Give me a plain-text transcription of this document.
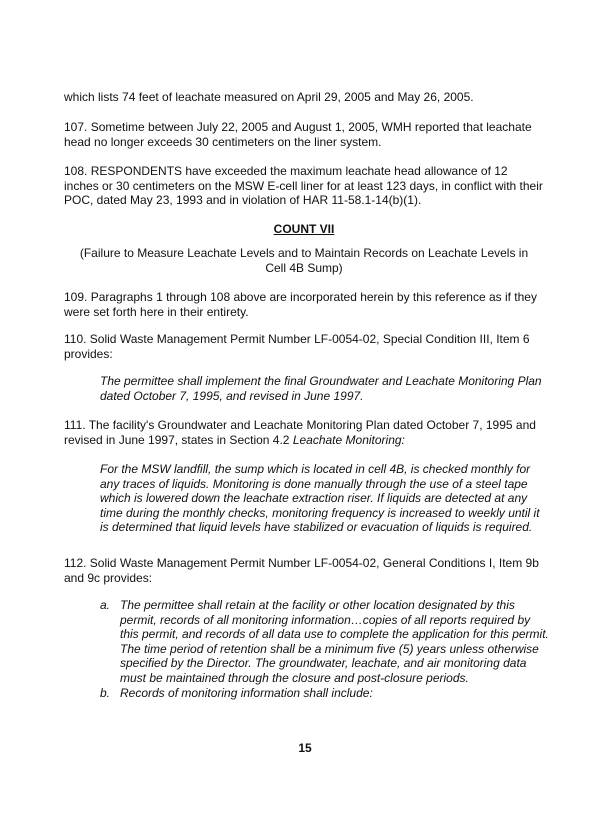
which lists 74 feet of leachate measured on April 29, 2005 and May 26, 2005.

107. Sometime between July 22, 2005 and August 1, 2005, WMH reported that leachate head no longer exceeds 30 centimeters on the liner system.

108. RESPONDENTS have exceeded the maximum leachate head allowance of 12 inches or 30 centimeters on the MSW E-cell liner for at least 123 days, in conflict with their POC, dated May 23, 1993 and in violation of HAR 11-58.1-14(b)(1).

COUNT VII

(Failure to Measure Leachate Levels and to Maintain Records on Leachate Levels in Cell 4B Sump)

109. Paragraphs 1 through 108 above are incorporated herein by this reference as if they were set forth here in their entirety.

110. Solid Waste Management Permit Number LF-0054-02, Special Condition III, Item 6 provides:

The permittee shall implement the final Groundwater and Leachate Monitoring Plan dated October 7, 1995, and revised in June 1997.

111. The facility's Groundwater and Leachate Monitoring Plan dated October 7, 1995 and revised in June 1997, states in Section 4.2 Leachate Monitoring:

For the MSW landfill, the sump which is located in cell 4B, is checked monthly for any traces of liquids. Monitoring is done manually through the use of a steel tape which is lowered down the leachate extraction riser. If liquids are detected at any time during the monthly checks, monitoring frequency is increased to weekly until it is determined that liquid levels have stabilized or evacuation of liquids is required.

112. Solid Waste Management Permit Number LF-0054-02, General Conditions I, Item 9b and 9c provides:

a. The permittee shall retain at the facility or other location designated by this permit, records of all monitoring information…copies of all reports required by this permit, and records of all data use to complete the application for this permit. The time period of retention shall be a minimum five (5) years unless otherwise specified by the Director. The groundwater, leachate, and air monitoring data must be maintained through the closure and post-closure periods.
b. Records of monitoring information shall include:
15
